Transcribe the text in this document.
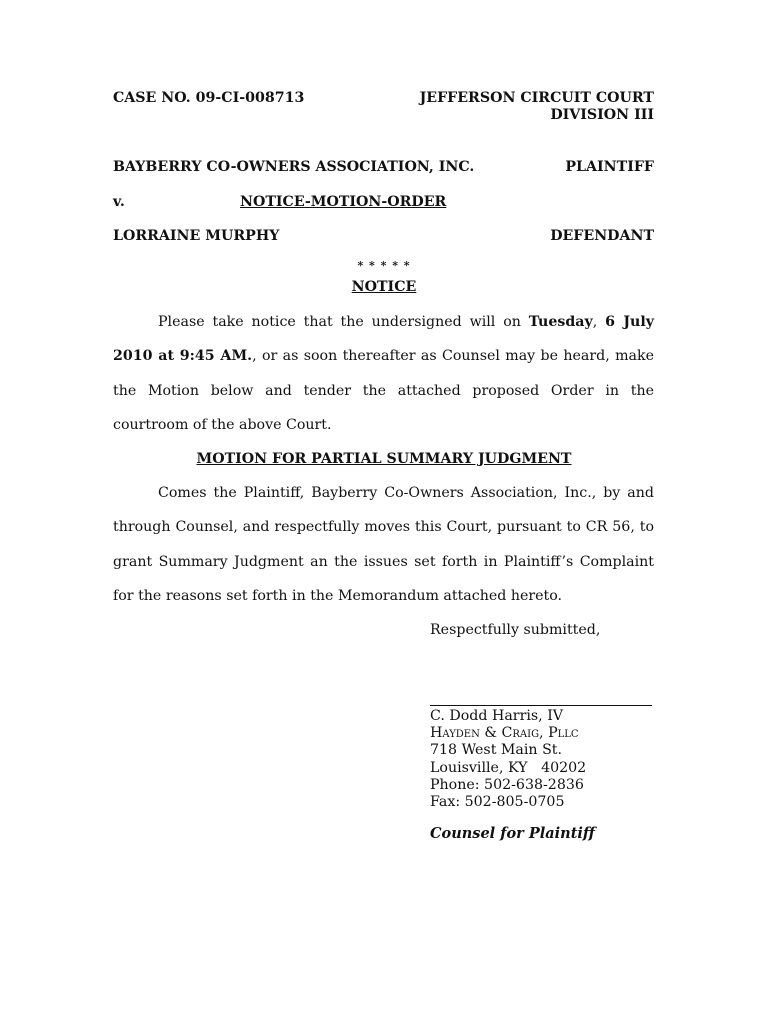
CASE NO. 09-CI-008713	JEFFERSON CIRCUIT COURT
DIVISION III
BAYBERRY CO-OWNERS ASSOCIATION, INC.	PLAINTIFF
v.	NOTICE-MOTION-ORDER
LORRAINE MURPHY	DEFENDANT
* * * * *
NOTICE
Please take notice that the undersigned will on Tuesday, 6 July 2010 at 9:45 AM., or as soon thereafter as Counsel may be heard, make the Motion below and tender the attached proposed Order in the courtroom of the above Court.
MOTION FOR PARTIAL SUMMARY JUDGMENT
Comes the Plaintiff, Bayberry Co-Owners Association, Inc., by and through Counsel, and respectfully moves this Court, pursuant to CR 56, to grant Summary Judgment an the issues set forth in Plaintiff’s Complaint for the reasons set forth in the Memorandum attached hereto.
Respectfully submitted,
C. Dodd Harris, IV
Hayden & Craig, Pllc
718 West Main St.
Louisville, KY   40202
Phone: 502-638-2836
Fax: 502-805-0705
Counsel for Plaintiff
